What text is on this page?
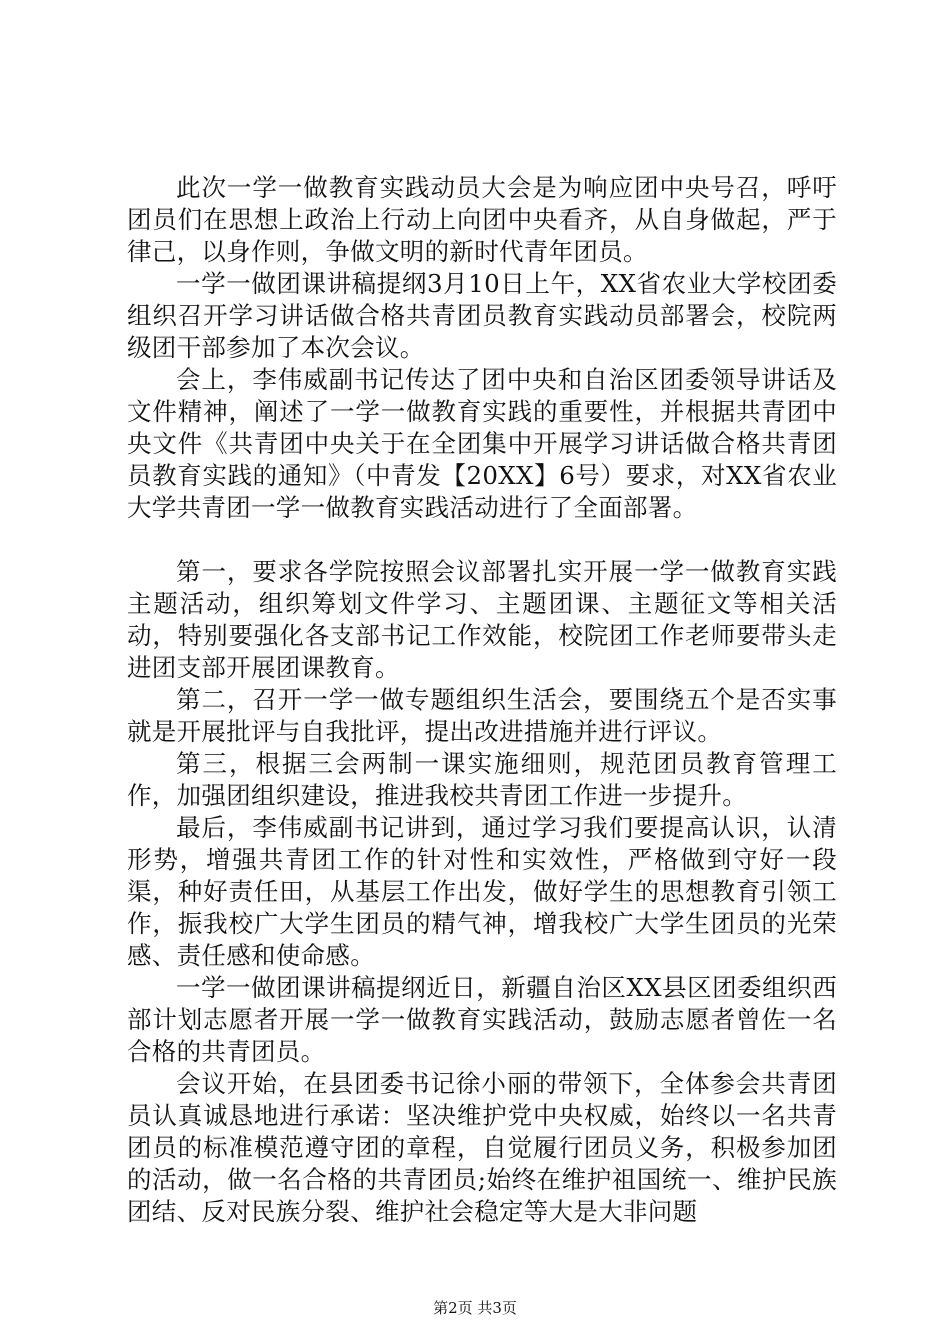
此次一学一做教育实践动员大会是为响应团中央号召，呼吁团员们在思想上政治上行动上向团中央看齐，从自身做起，严于律己，以身作则，争做文明的新时代青年团员。

一学一做团课讲稿提纲3月10日上午，XX省农业大学校团委组织召开学习讲话做合格共青团员教育实践动员部署会，校院两级团干部参加了本次会议。

会上，李伟威副书记传达了团中央和自治区团委领导讲话及文件精神，阐述了一学一做教育实践的重要性，并根据共青团中央文件《共青团中央关于在全团集中开展学习讲话做合格共青团员教育实践的通知》（中青发【20XX】6号）要求，对XX省农业大学共青团一学一做教育实践活动进行了全面部署。

第一，要求各学院按照会议部署扎实开展一学一做教育实践主题活动，组织筹划文件学习、主题团课、主题征文等相关活动，特别要强化各支部书记工作效能，校院团工作老师要带头走进团支部开展团课教育。

第二，召开一学一做专题组织生活会，要围绕五个是否实事就是开展批评与自我批评，提出改进措施并进行评议。

第三，根据三会两制一课实施细则，规范团员教育管理工作，加强团组织建设，推进我校共青团工作进一步提升。

最后，李伟威副书记讲到，通过学习我们要提高认识，认清形势，增强共青团工作的针对性和实效性，严格做到守好一段渠，种好责任田，从基层工作出发，做好学生的思想教育引领工作，振我校广大学生团员的精气神，增我校广大学生团员的光荣感、责任感和使命感。

一学一做团课讲稿提纲近日，新疆自治区XX县区团委组织西部计划志愿者开展一学一做教育实践活动，鼓励志愿者曾佐一名合格的共青团员。

会议开始，在县团委书记徐小丽的带领下，全体参会共青团员认真诚恳地进行承诺：坚决维护党中央权威，始终以一名共青团员的标准模范遵守团的章程，自觉履行团员义务，积极参加团的活动，做一名合格的共青团员;始终在维护祖国统一、维护民族团结、反对民族分裂、维护社会稳定等大是大非问题

第2页 共3页
